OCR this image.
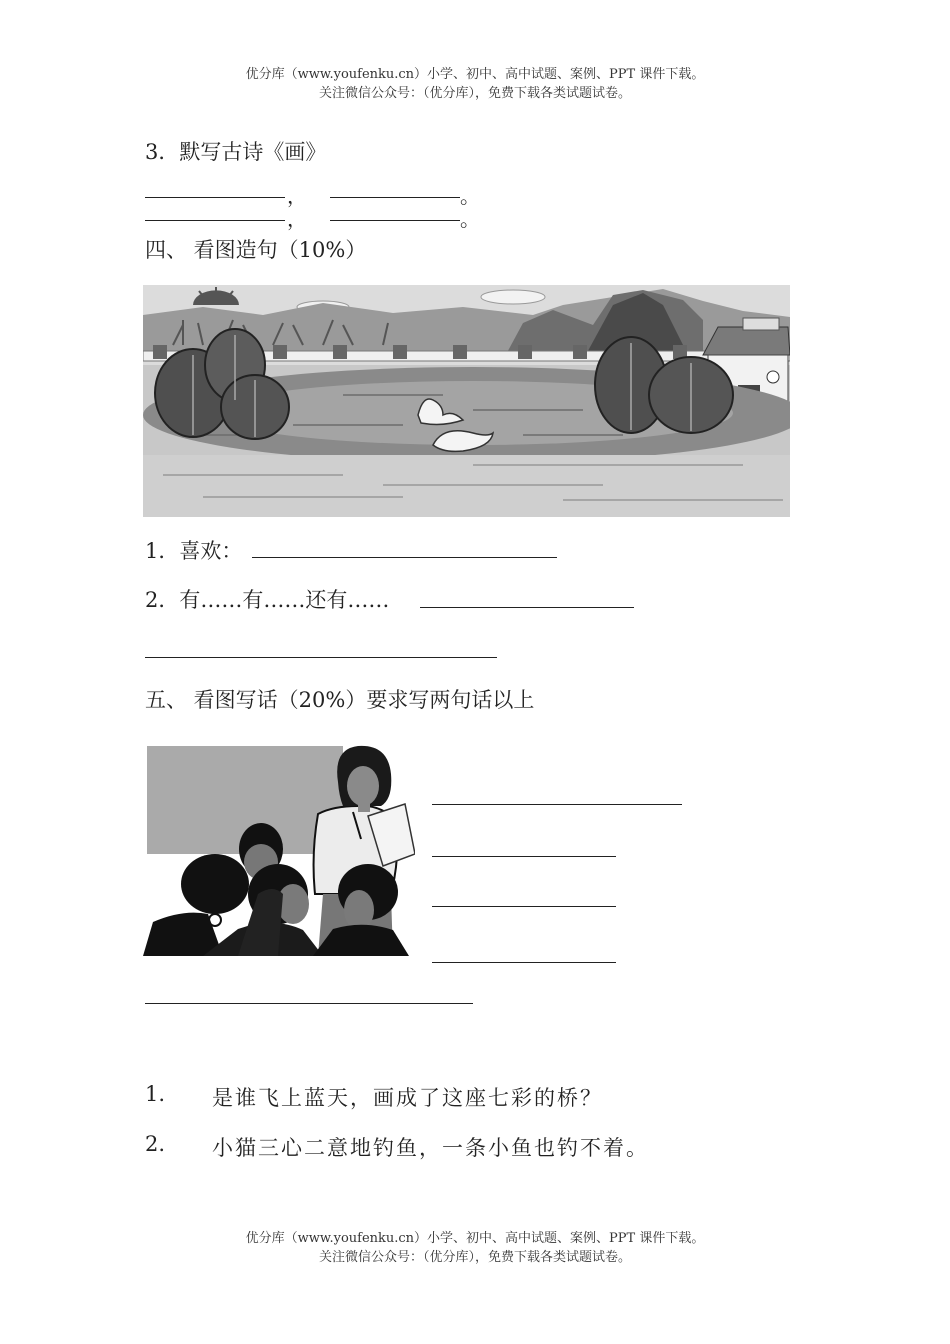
优分库（www.youfenku.cn）小学、初中、高中试题、案例、PPT 课件下载。
关注微信公众号：（优分库），免费下载各类试题试卷。
3．默写古诗《画》
，	。
，	。
四、 看图造句（10%）
1．喜欢：
2．有……有……还有……
五、 看图写话（20%）要求写两句话以上
1. 是谁飞上蓝天，画成了这座七彩的桥？
2. 小猫三心二意地钓鱼，一条小鱼也钓不着。
优分库（www.youfenku.cn）小学、初中、高中试题、案例、PPT 课件下载。
关注微信公众号：（优分库），免费下载各类试题试卷。
